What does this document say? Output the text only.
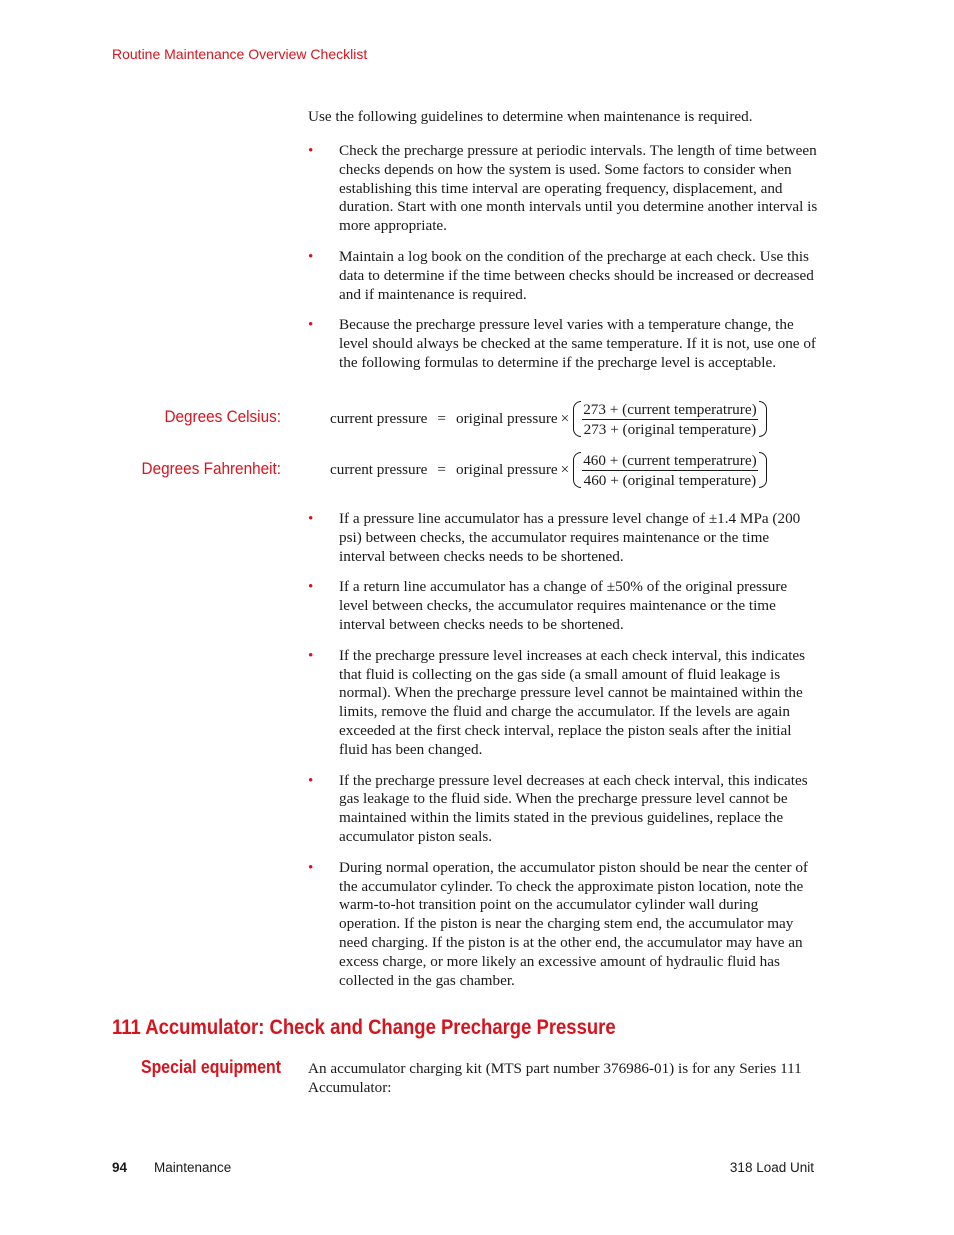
Routine Maintenance Overview Checklist

Use the following guidelines to determine when maintenance is required.

• Check the precharge pressure at periodic intervals. The length of time between checks depends on how the system is used. Some factors to consider when establishing this time interval are operating frequency, displacement, and duration. Start with one month intervals until you determine another interval is more appropriate.
• Maintain a log book on the condition of the precharge at each check. Use this data to determine if the time between checks should be increased or decreased and if maintenance is required.
• Because the precharge pressure level varies with a temperature change, the level should always be checked at the same temperature. If it is not, use one of the following formulas to determine if the precharge level is acceptable.
Degrees Celsius:	current pressure = original pressure × $\frac{\text{273 + (current temperatrure)}}{\text{273 + (original temperature)}}$
Degrees Fahrenheit:	current pressure = original pressure × $\frac{\text{460 + (current temperatrure)}}{\text{460 + (original temperature)}}$
• If a pressure line accumulator has a pressure level change of ±1.4 MPa (200 psi) between checks, the accumulator requires maintenance or the time interval between checks needs to be shortened.
• If a return line accumulator has a change of ±50% of the original pressure level between checks, the accumulator requires maintenance or the time interval between checks needs to be shortened.
• If the precharge pressure level increases at each check interval, this indicates that fluid is collecting on the gas side (a small amount of fluid leakage is normal). When the precharge pressure level cannot be maintained within the limits, remove the fluid and charge the accumulator. If the levels are again exceeded at the first check interval, replace the piston seals after the initial fluid has been changed.
• If the precharge pressure level decreases at each check interval, this indicates gas leakage to the fluid side. When the precharge pressure level cannot be maintained within the limits stated in the previous guidelines, replace the accumulator piston seals.
• During normal operation, the accumulator piston should be near the center of the accumulator cylinder. To check the approximate piston location, note the warm-to-hot transition point on the accumulator cylinder wall during operation. If the piston is near the charging stem end, the accumulator may need charging. If the piston is at the other end, the accumulator may have an excess charge, or more likely an excessive amount of hydraulic fluid has collected in the gas chamber.
111 Accumulator: Check and Change Precharge Pressure
Special equipment An accumulator charging kit (MTS part number 376986-01) is for any Series 111 Accumulator:

94 Maintenance	318 Load Unit
